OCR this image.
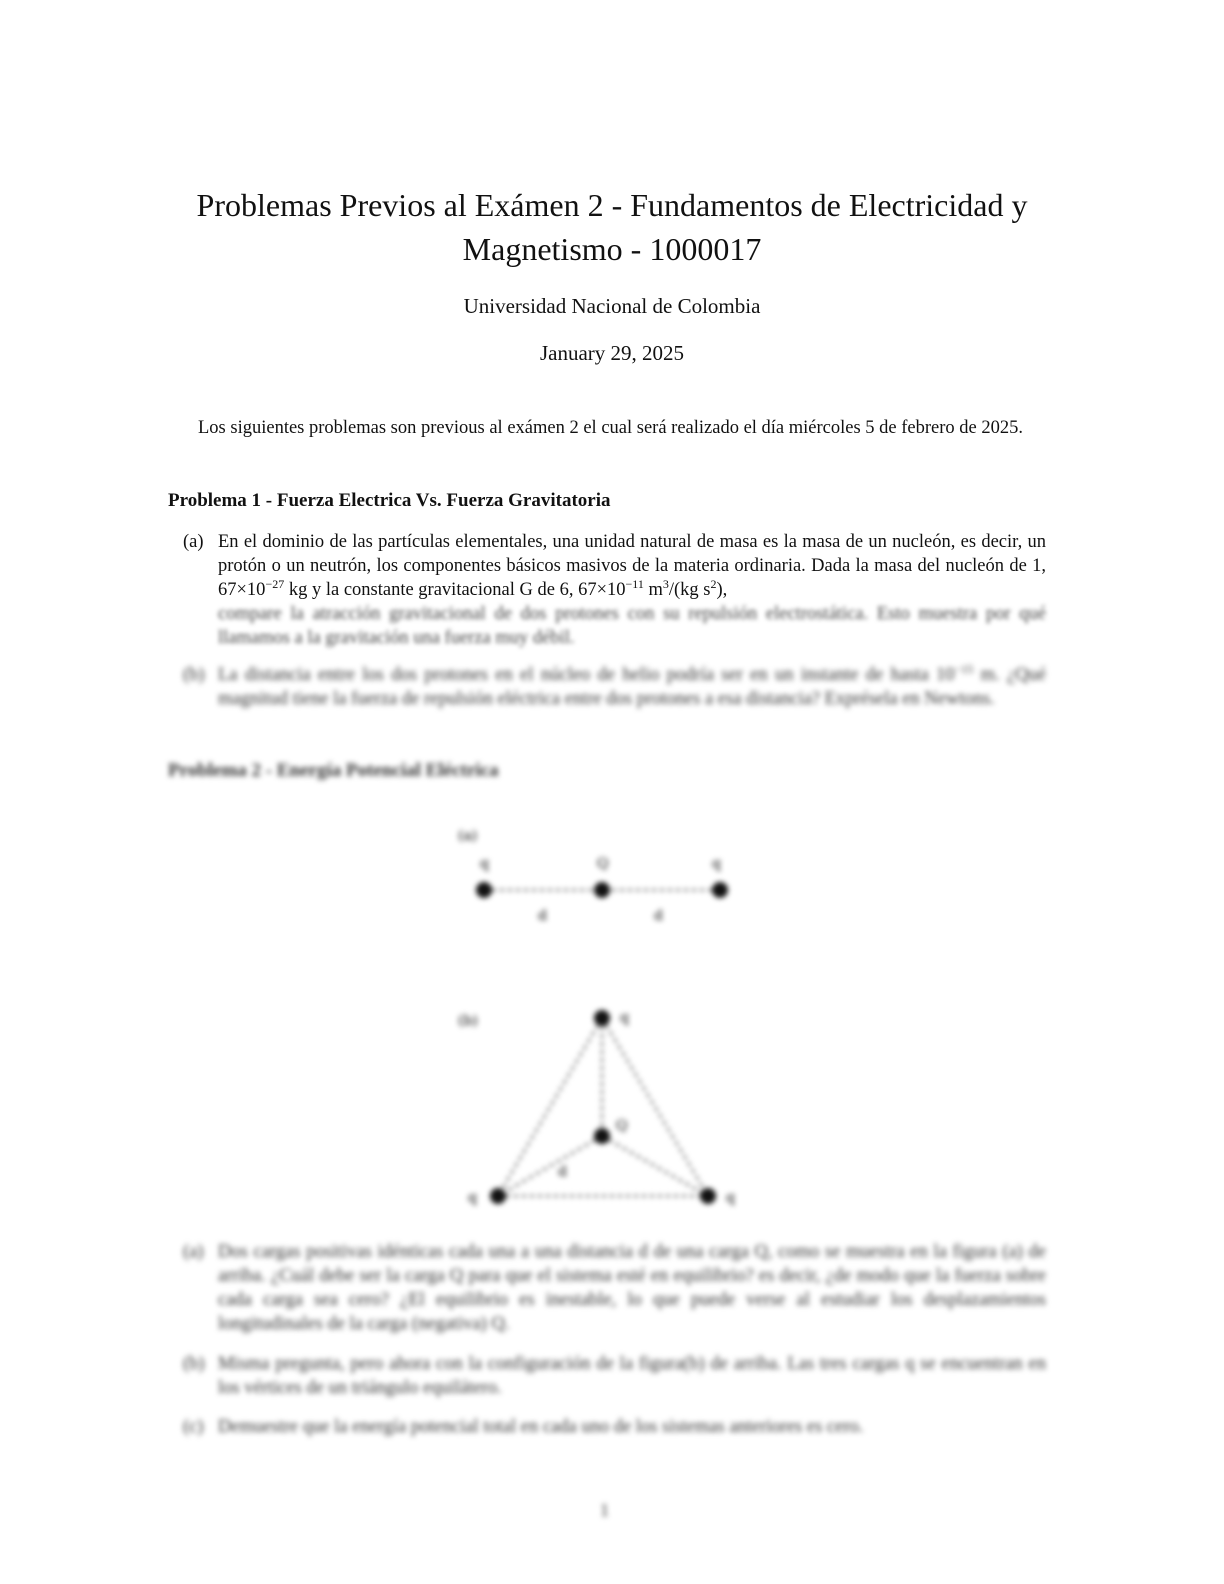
Problemas Previos al Exámen 2 - Fundamentos de Electricidad y Magnetismo - 1000017
Universidad Nacional de Colombia
January 29, 2025

Los siguientes problemas son previous al exámen 2 el cual será realizado el día miércoles 5 de febrero de 2025.

Problema 1 - Fuerza Electrica Vs. Fuerza Gravitatoria
(a) En el dominio de las partículas elementales, una unidad natural de masa es la masa de un nucleón, es decir, un protón o un neutrón, los componentes básicos masivos de la materia ordinaria. Dada la masa del nucleón de 1, $67\times 10^{-27}$ kg y la constante gravitacional G de 6, $67\times 10^{-11}$ $m^3/(kg$ $s^2$),
compare la atracción gravitacional de dos protones con su repulsión electrostática. Esto muestra por qué llamamos a la gravitación una fuerza muy débil.
(b) La distancia entre los dos protones en el núcleo de helio podría ser en un instante de hasta $10^{-15}$ m. ¿Qué magnitud tiene la fuerza de repulsión eléctrica entre dos protones a esa distancia? Exprésela en Newtons.
Problema 2 - Energía Potencial Eléctrica
(a)
q	Q	q
d	d
(b)	q
Q
q	q
d
(a) Dos cargas positivas idénticas cada una a una distancia d de una carga Q, como se muestra en la figura (a) de arriba. ¿Cuál debe ser la carga Q para que el sistema esté en equilibrio? es decir, ¿de modo que la fuerza sobre cada carga sea cero? ¿El equilibrio es inestable, lo que puede verse al estudiar los desplazamientos longitudinales de la carga (negativa) Q.
(b) Misma pregunta, pero ahora con la configuración de la figura(b) de arriba. Las tres cargas q se encuentran en los vértices de un triángulo equilátero.
(c) Demuestre que la energía potencial total en cada uno de los sistemas anteriores es cero.
1
